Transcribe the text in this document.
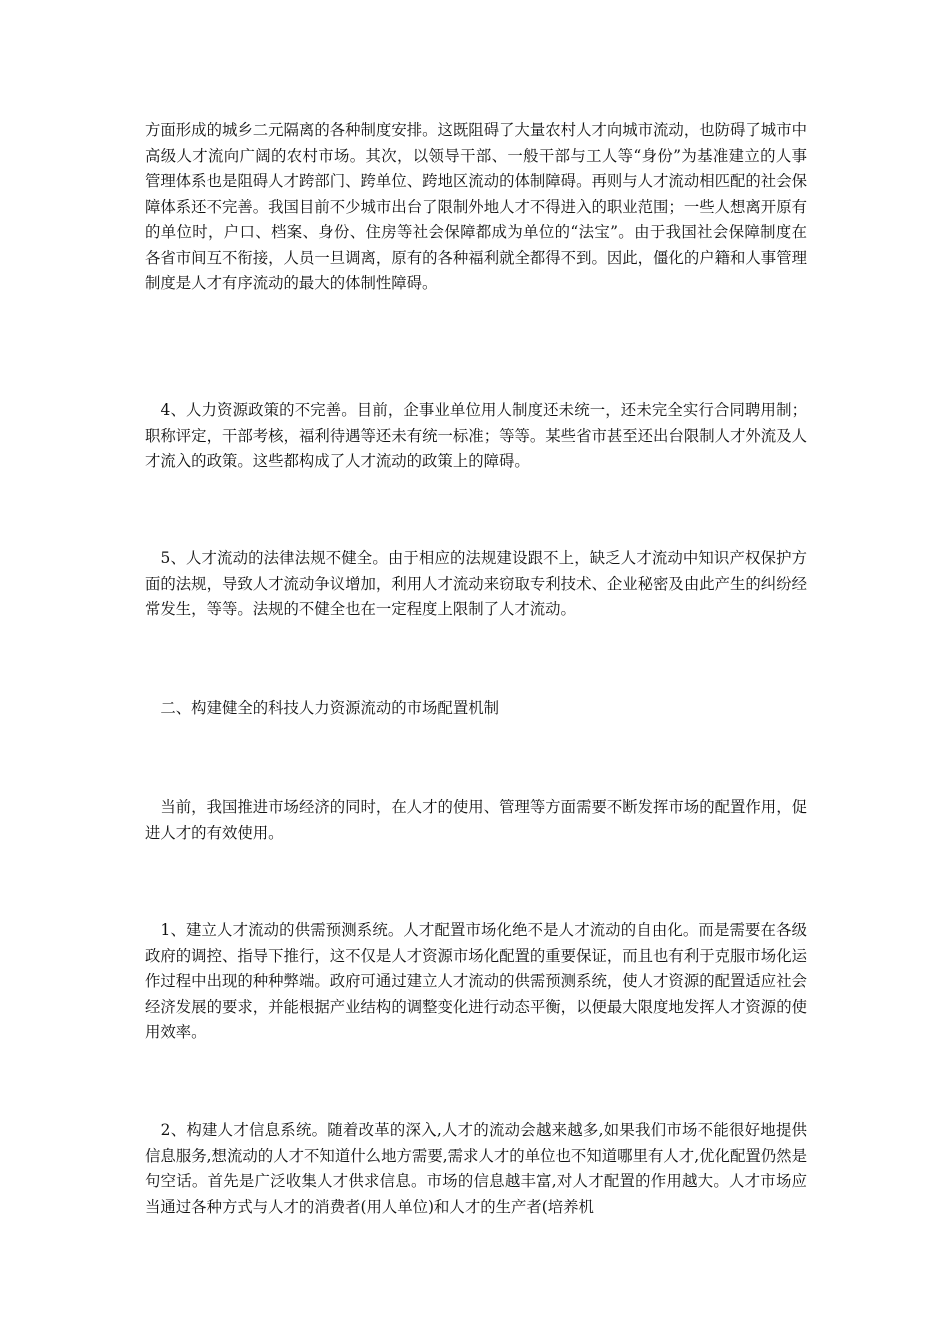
方面形成的城乡二元隔离的各种制度安排。这既阻碍了大量农村人才向城市流动，也防碍了城市中高级人才流向广阔的农村市场。其次，以领导干部、一般干部与工人等“身份”为基准建立的人事管理体系也是阻碍人才跨部门、跨单位、跨地区流动的体制障碍。再则与人才流动相匹配的社会保障体系还不完善。我国目前不少城市出台了限制外地人才不得进入的职业范围；一些人想离开原有的单位时，户口、档案、身份、住房等社会保障都成为单位的“法宝”。由于我国社会保障制度在各省市间互不衔接，人员一旦调离，原有的各种福利就全都得不到。因此，僵化的户籍和人事管理制度是人才有序流动的最大的体制性障碍。

　4、人力资源政策的不完善。目前，企事业单位用人制度还未统一，还未完全实行合同聘用制；职称评定，干部考核，福利待遇等还未有统一标准；等等。某些省市甚至还出台限制人才外流及人才流入的政策。这些都构成了人才流动的政策上的障碍。

　5、人才流动的法律法规不健全。由于相应的法规建设跟不上，缺乏人才流动中知识产权保护方面的法规，导致人才流动争议增加，利用人才流动来窃取专利技术、企业秘密及由此产生的纠纷经常发生，等等。法规的不健全也在一定程度上限制了人才流动。

　二、构建健全的科技人力资源流动的市场配置机制

　当前，我国推进市场经济的同时，在人才的使用、管理等方面需要不断发挥市场的配置作用，促进人才的有效使用。

　1、建立人才流动的供需预测系统。人才配置市场化绝不是人才流动的自由化。而是需要在各级政府的调控、指导下推行，这不仅是人才资源市场化配置的重要保证，而且也有利于克服市场化运作过程中出现的种种弊端。政府可通过建立人才流动的供需预测系统，使人才资源的配置适应社会经济发展的要求，并能根据产业结构的调整变化进行动态平衡，以便最大限度地发挥人才资源的使用效率。

　2、构建人才信息系统。随着改革的深入,人才的流动会越来越多,如果我们市场不能很好地提供信息服务,想流动的人才不知道什么地方需要,需求人才的单位也不知道哪里有人才,优化配置仍然是句空话。首先是广泛收集人才供求信息。市场的信息越丰富,对人才配置的作用越大。人才市场应当通过各种方式与人才的消费者(用人单位)和人才的生产者(培养机
